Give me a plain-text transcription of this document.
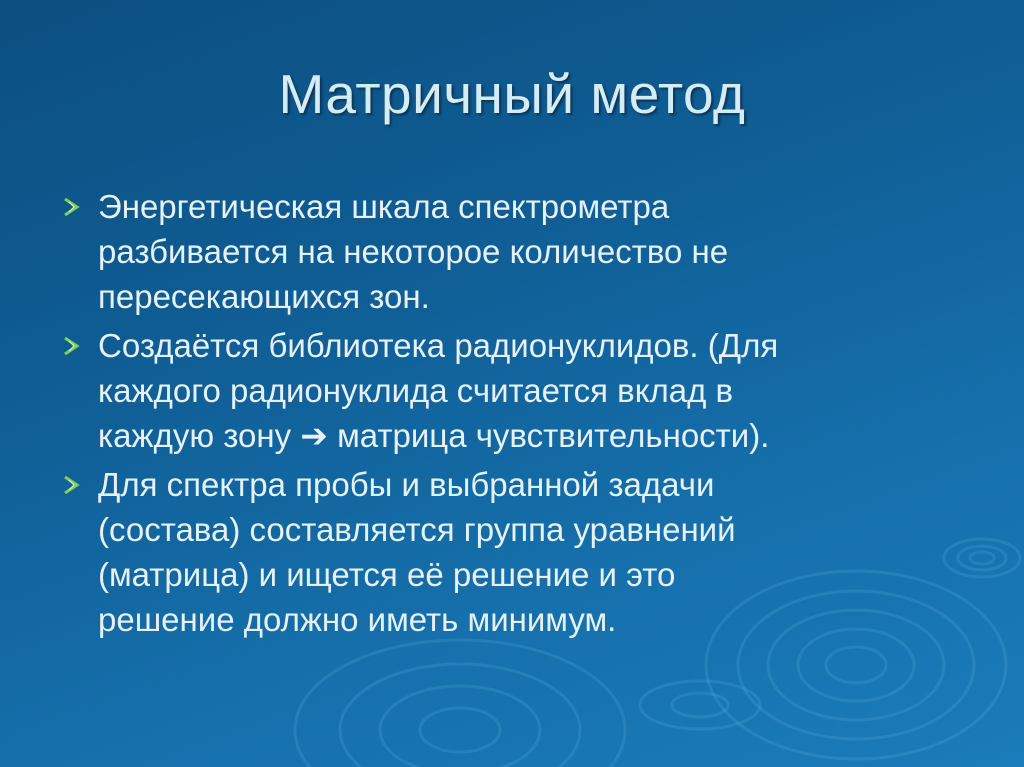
Матричный метод
Энергетическая шкала спектрометра
разбивается на некоторое количество не
пересекающихся зон.
Создаётся библиотека радионуклидов. (Для
каждого радионуклида считается вклад в
каждую зону ➔ матрица чувствительности).
Для спектра пробы и выбранной задачи
(состава) составляется группа уравнений
(матрица) и ищется её решение и это
решение должно иметь минимум.
